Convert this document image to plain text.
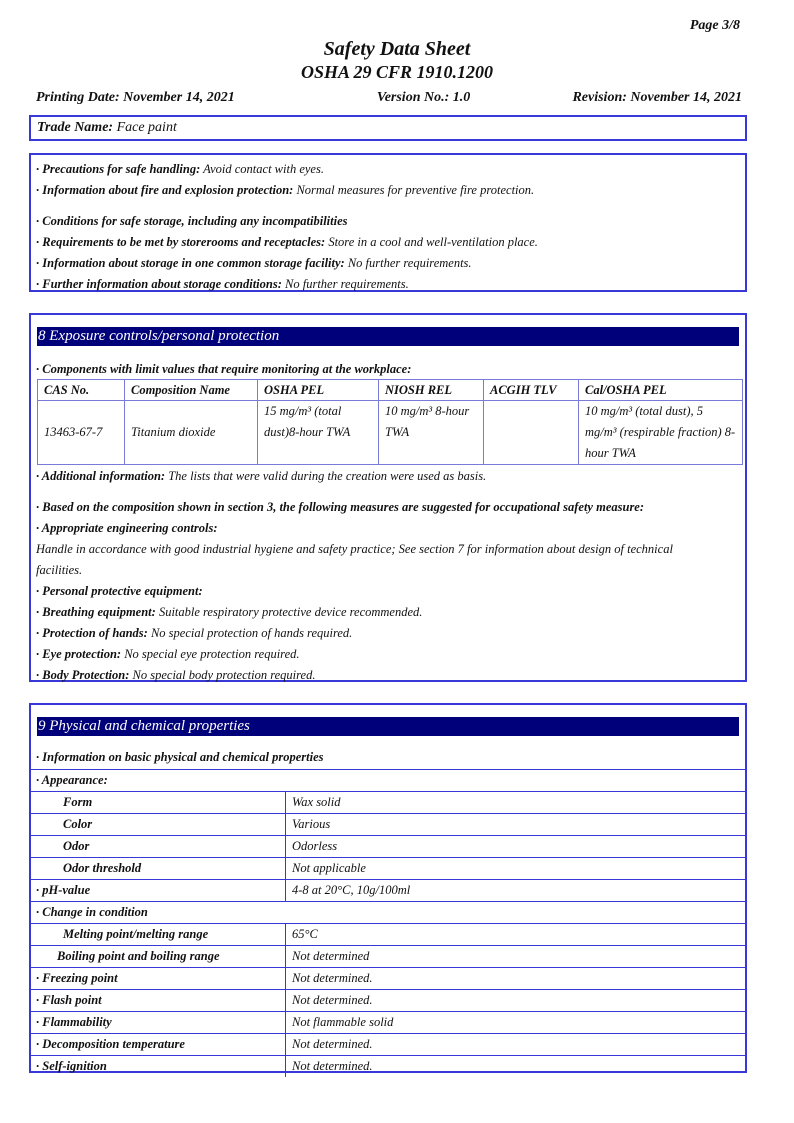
Page 3/8
Safety Data Sheet
OSHA 29 CFR 1910.1200
Printing Date: November 14, 2021	Version No.: 1.0	Revision: November 14, 2021
Trade Name: Face paint
· Precautions for safe handling: Avoid contact with eyes.
· Information about fire and explosion protection: Normal measures for preventive fire protection.
· Conditions for safe storage, including any incompatibilities
· Requirements to be met by storerooms and receptacles: Store in a cool and well-ventilation place.
· Information about storage in one common storage facility: No further requirements.
· Further information about storage conditions: No further requirements.
8 Exposure controls/personal protection
· Components with limit values that require monitoring at the workplace:
CAS No.	Composition Name	OSHA PEL	NIOSH REL	ACGIH TLV	Cal/OSHA PEL
13463-67-7	Titanium dioxide	15 mg/m³ (total dust)8-hour TWA	10 mg/m³ 8-hour TWA		10 mg/m³ (total dust), 5 mg/m³ (respirable fraction) 8-hour TWA
· Additional information: The lists that were valid during the creation were used as basis.
· Based on the composition shown in section 3, the following measures are suggested for occupational safety measure:
· Appropriate engineering controls:
Handle in accordance with good industrial hygiene and safety practice; See section 7 for information about design of technical
facilities.
· Personal protective equipment:
· Breathing equipment: Suitable respiratory protective device recommended.
· Protection of hands: No special protection of hands required.
· Eye protection: No special eye protection required.
· Body Protection: No special body protection required.
9 Physical and chemical properties
· Information on basic physical and chemical properties
· Appearance:
Form	Wax solid
Color	Various
Odor	Odorless
Odor threshold	Not applicable
· pH-value	4-8 at 20°C, 10g/100ml
· Change in condition
Melting point/melting range	65°C
Boiling point and boiling range	Not determined
· Freezing point	Not determined.
· Flash point	Not determined.
· Flammability	Not flammable solid
· Decomposition temperature	Not determined.
· Self-ignition	Not determined.
